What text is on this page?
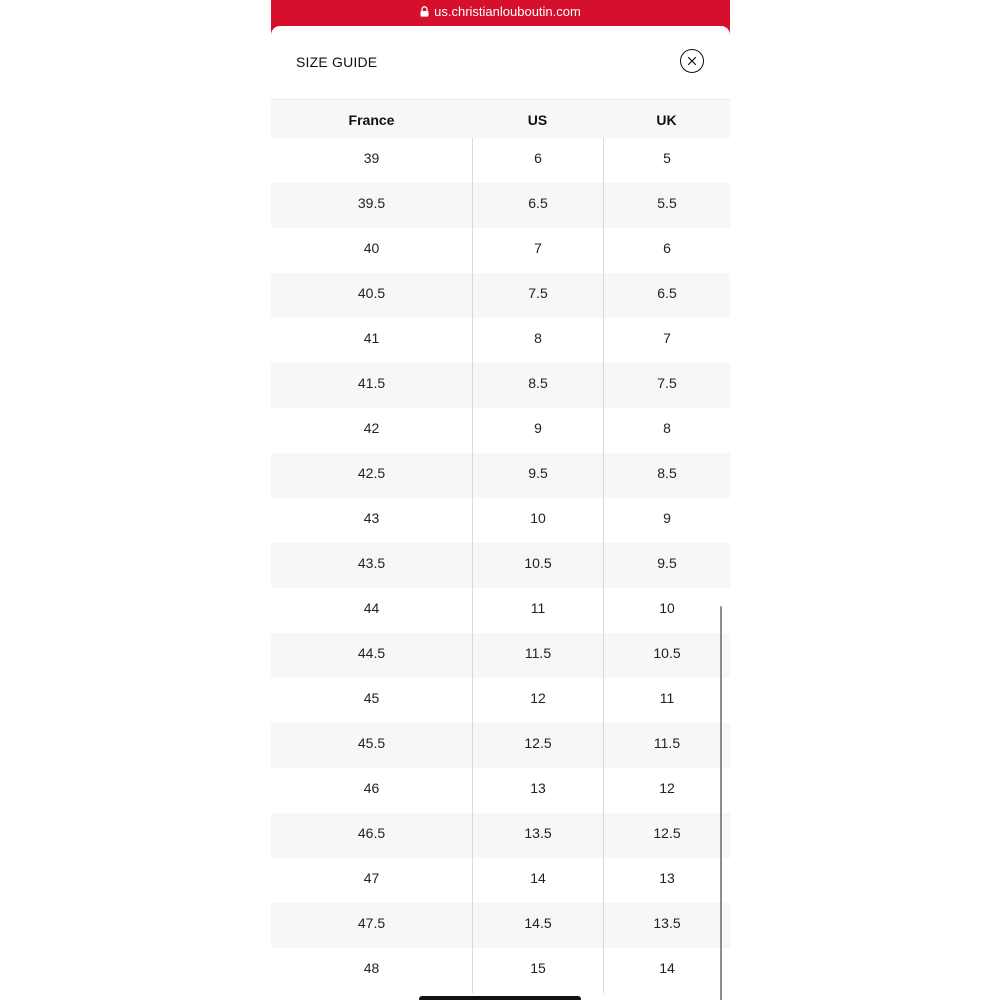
us.christianlouboutin.com
SIZE GUIDE
France	US	UK
39	6	5
39.5	6.5	5.5
40	7	6
40.5	7.5	6.5
41	8	7
41.5	8.5	7.5
42	9	8
42.5	9.5	8.5
43	10	9
43.5	10.5	9.5
44	11	10
44.5	11.5	10.5
45	12	11
45.5	12.5	11.5
46	13	12
46.5	13.5	12.5
47	14	13
47.5	14.5	13.5
48	15	14
